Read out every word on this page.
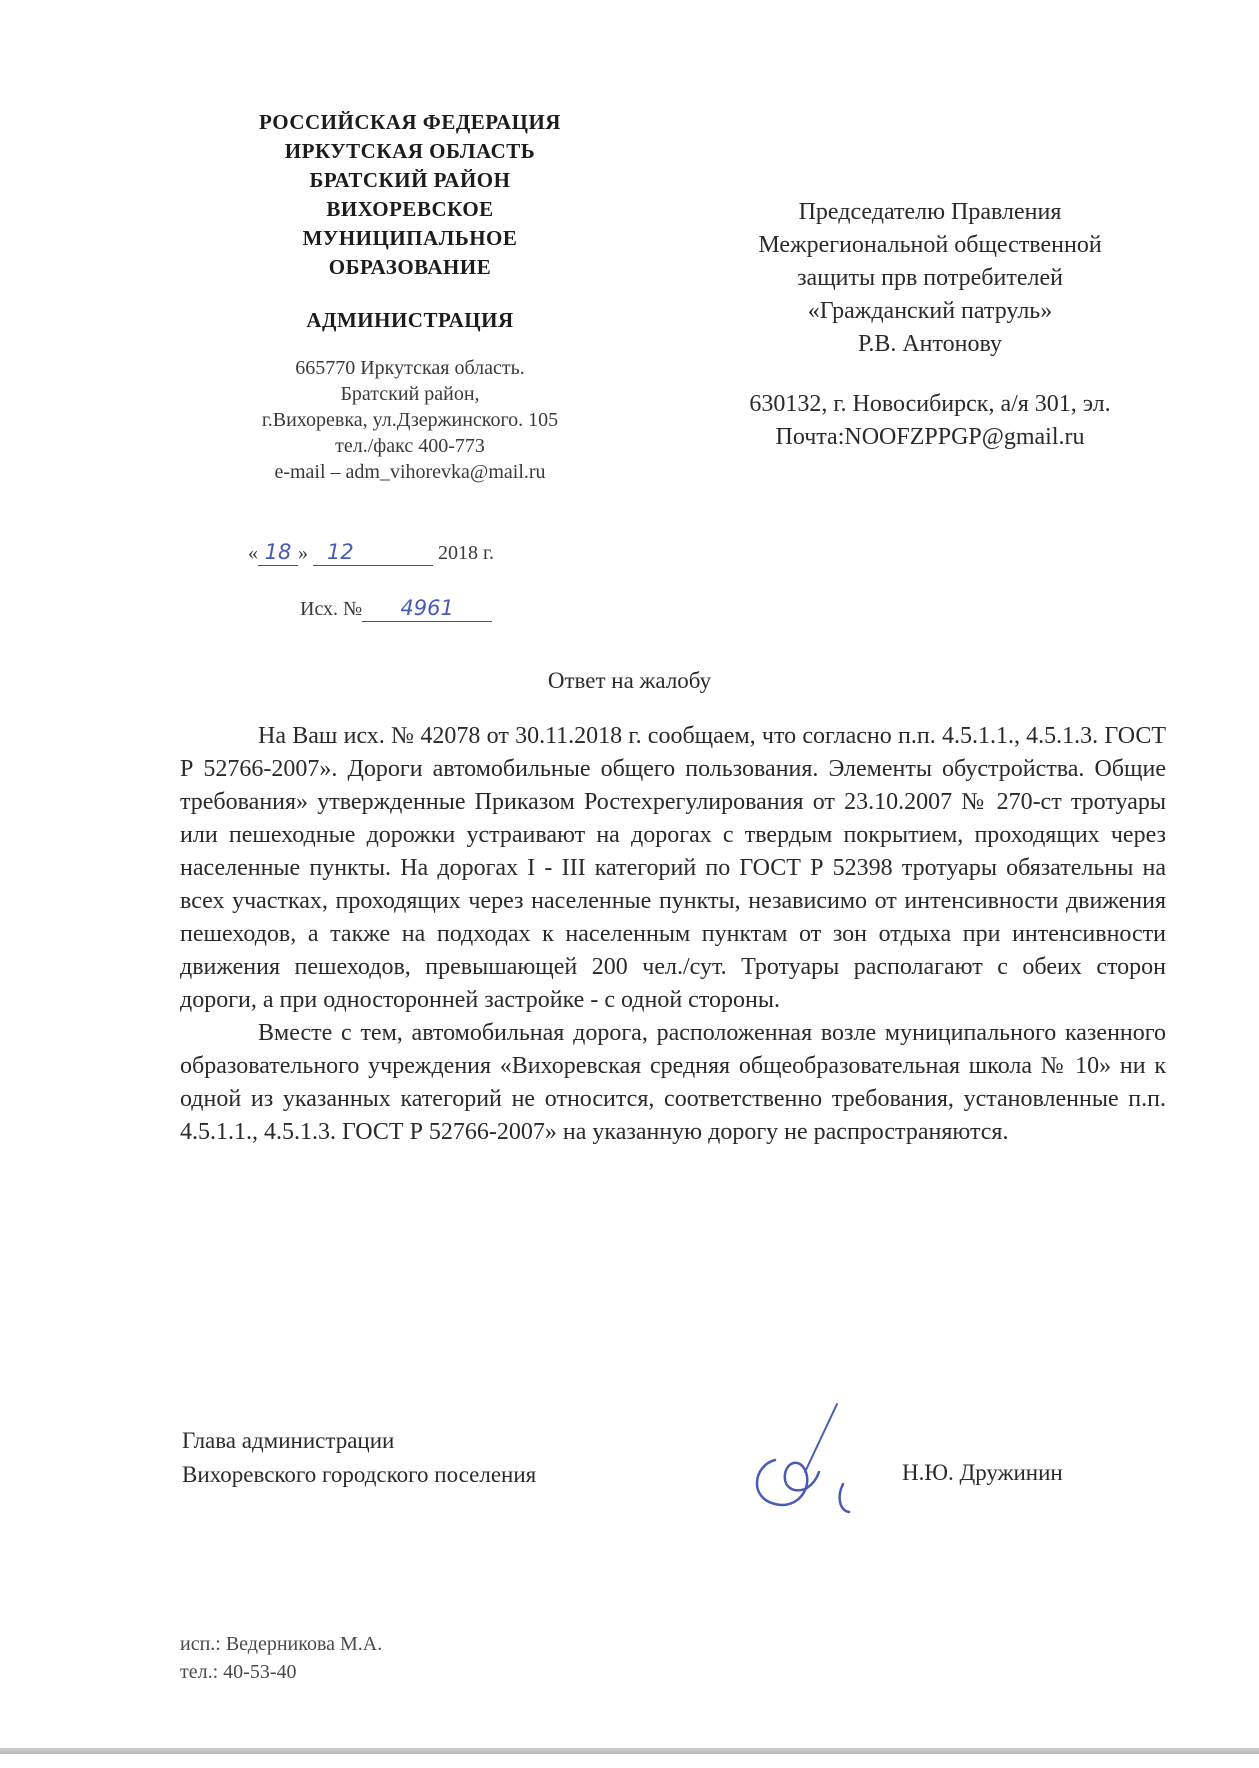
РОССИЙСКАЯ ФЕДЕРАЦИЯ
ИРКУТСКАЯ ОБЛАСТЬ
БРАТСКИЙ РАЙОН
ВИХОРЕВСКОЕ
МУНИЦИПАЛЬНОЕ
ОБРАЗОВАНИЕ
АДМИНИСТРАЦИЯ
665770 Иркутская область.
Братский район,
г.Вихоревка, ул.Дзержинского. 105
тел./факс 400-773
e-mail – adm_vihorevka@mail.ru
« 18 » 12	2018 г.
Исх. № 4961
Председателю Правления
Межрегиональной общественной
защиты прв потребителей
«Гражданский патруль»
Р.В. Антонову
630132, г. Новосибирск, а/я 301, эл.
Почта:NOOFZPPGP@gmail.ru
Ответ на жалобу

На Ваш исх. № 42078 от 30.11.2018 г. сообщаем, что согласно п.п. 4.5.1.1., 4.5.1.3. ГОСТ Р 52766-2007». Дороги автомобильные общего пользования. Элементы обустройства. Общие требования» утвержденные Приказом Ростехрегулирования от 23.10.2007 № 270-ст тротуары или пешеходные дорожки устраивают на дорогах с твердым покрытием, проходящих через населенные пункты. На дорогах I - III категорий по ГОСТ Р 52398 тротуары обязательны на всех участках, проходящих через населенные пункты, независимо от интенсивности движения пешеходов, а также на подходах к населенным пунктам от зон отдыха при интенсивности движения пешеходов, превышающей 200 чел./сут. Тротуары располагают с обеих сторон дороги, а при односторонней застройке - с одной стороны.

Вместе с тем, автомобильная дорога, расположенная возле муниципального казенного образовательного учреждения «Вихоревская средняя общеобразовательная школа № 10» ни к одной из указанных категорий не относится, соответственно требования, установленные п.п. 4.5.1.1., 4.5.1.3. ГОСТ Р 52766-2007» на указанную дорогу не распространяются.

Глава администрации
Вихоревского городского поселения	Н.Ю. Дружинин
исп.: Ведерникова М.А.
тел.: 40-53-40
